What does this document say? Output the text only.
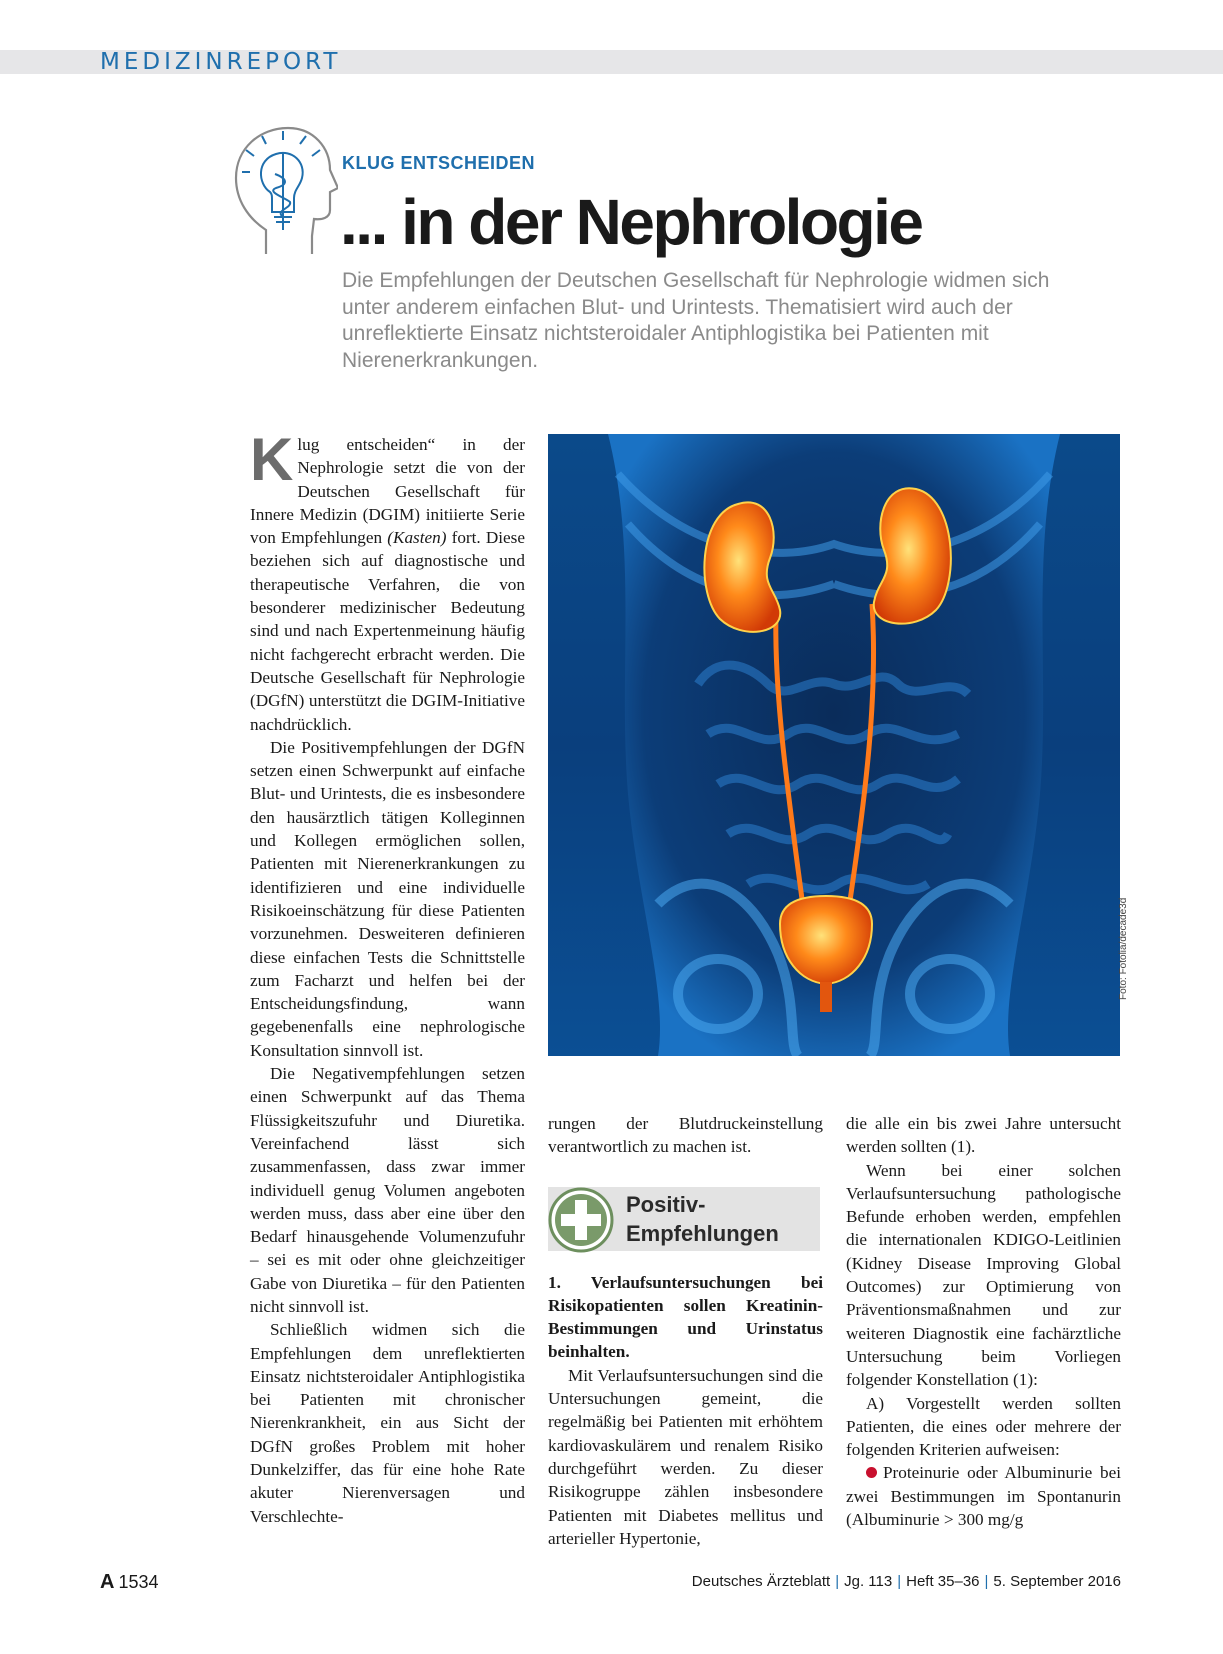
MEDIZINREPORT
KLUG ENTSCHEIDEN
... in der Nephrologie
Die Empfehlungen der Deutschen Gesellschaft für Nephrologie widmen sich unter anderem einfachen Blut- und Urintests. Thematisiert wird auch der unreflektierte Einsatz nichtsteroidaler Antiphlogistika bei Patienten mit Nierenerkrankungen.

Klug entscheiden“ in der Nephrologie setzt die von der Deutschen Gesellschaft für Innere Medizin (DGIM) initiierte Serie von Empfehlungen (Kasten) fort. Diese beziehen sich auf diagnostische und therapeutische Verfahren, die von besonderer medizinischer Bedeutung sind und nach Expertenmeinung häufig nicht fachgerecht erbracht werden. Die Deutsche Gesellschaft für Nephrologie (DGfN) unterstützt die DGIM-Initiative nachdrücklich.

Die Positivempfehlungen der DGfN setzen einen Schwerpunkt auf einfache Blut- und Urintests, die es insbesondere den hausärztlich tätigen Kolleginnen und Kollegen ermöglichen sollen, Patienten mit Nierenerkrankungen zu identifizieren und eine individuelle Risikoeinschätzung für diese Patienten vorzunehmen. Desweiteren definieren diese einfachen Tests die Schnittstelle zum Facharzt und helfen bei der Entscheidungsfindung, wann gegebenenfalls eine nephrologische Konsultation sinnvoll ist.

Die Negativempfehlungen setzen einen Schwerpunkt auf das Thema Flüssigkeitszufuhr und Diuretika. Vereinfachend lässt sich zusammenfassen, dass zwar immer individuell genug Volumen angeboten werden muss, dass aber eine über den Bedarf hinausgehende Volumenzufuhr – sei es mit oder ohne gleichzeitiger Gabe von Diuretika – für den Patienten nicht sinnvoll ist.

Schließlich widmen sich die Empfehlungen dem unreflektierten Einsatz nichtsteroidaler Antiphlogistika bei Patienten mit chronischer Nierenkrankheit, ein aus Sicht der DGfN großes Problem mit hoher Dunkelziffer, das für eine hohe Rate akuter Nierenversagen und Verschlechte-

Foto: Fotolia/decade3d

rungen der Blutdruckeinstellung verantwortlich zu machen ist.

1. Verlaufsuntersuchungen bei Risikopatienten sollen Kreatinin-Bestimmungen und Urinstatus beinhalten.

Mit Verlaufsuntersuchungen sind die Untersuchungen gemeint, die regelmäßig bei Patienten mit erhöhtem kardiovaskulärem und renalem Risiko durchgeführt werden. Zu dieser Risikogruppe zählen insbesondere Patienten mit Diabetes mellitus und arterieller Hypertonie,

Positiv-
Empfehlungen

die alle ein bis zwei Jahre untersucht werden sollten (1).

Wenn bei einer solchen Verlaufsuntersuchung pathologische Befunde erhoben werden, empfehlen die internationalen KDIGO-Leitlinien (Kidney Disease Improving Global Outcomes) zur Optimierung von Präventionsmaßnahmen und zur weiteren Diagnostik eine fachärztliche Untersuchung beim Vorliegen folgender Konstellation (1):

A) Vorgestellt werden sollten Patienten, die eines oder mehrere der folgenden Kriterien aufweisen:

Proteinurie oder Albuminurie bei zwei Bestimmungen im Spontanurin (Albuminurie > 300 mg/g

A 1534	Deutsches Ärzteblatt | Jg. 113 | Heft 35–36 | 5. September 2016
